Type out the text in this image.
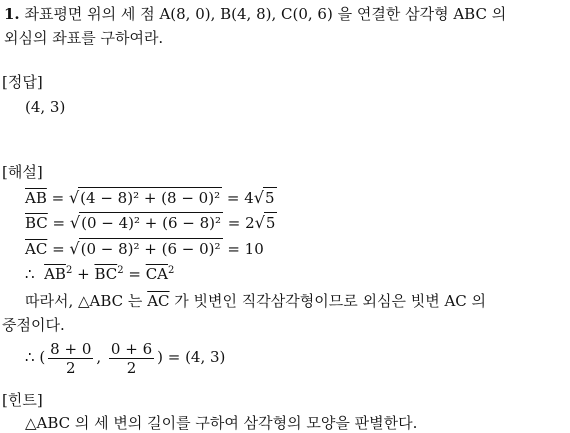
1. 좌표평면 위의 세 점 A(8, 0), B(4, 8), C(0, 6) 을 연결한 삼각형 ABC 의
외심의 좌표를 구하여라.
[정답]
(4, 3)
[해설]
$\overline{AB} = √(4 - 8)^2 + (8 - 0)^2 = 4√5$
$\overline{BC} = √(0 - 4)^2 + (6 - 8)^2 = 2√5$
$\overline{AC} = √(0 - 8)^2 + (6 - 0)^2 = 10$
∴ $\overline{AB}^2 + \overline{BC}^2 = \overline{CA}^2$
따라서, △ABC 는 $\overline{AC}$ 가 빗변인 직각삼각형이므로 외심은 빗변 AC 의
중점이다.
∴ ( $\frac{8 + 0}{2}$ , $\frac{0 + 6}{2}$ ) = (4, 3)
[힌트]
△ABC 의 세 변의 길이를 구하여 삼각형의 모양을 판별한다.
